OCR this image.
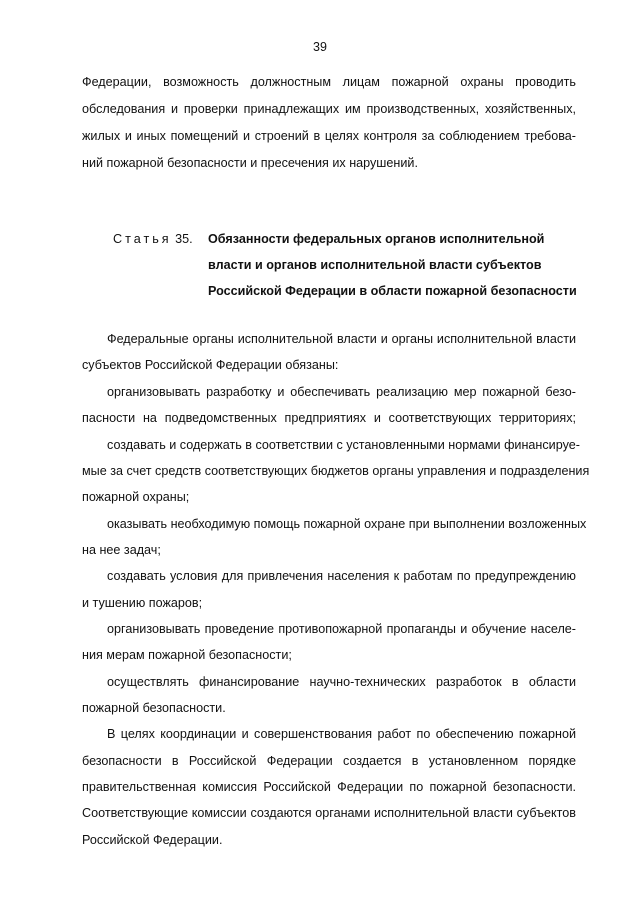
39
Федерации, возможность должностным лицам пожарной охраны проводить
обследования и проверки принадлежащих им производственных, хозяйственных,
жилых и иных помещений и строений в целях контроля за соблюдением требова-
ний пожарной безопасности и пресечения их нарушений.
Статья 35. Обязанности федеральных органов исполнительной
власти и органов исполнительной власти субъектов
Российской Федерации в области пожарной безопасности
Федеральные органы исполнительной власти и органы исполнительной власти
субъектов Российской Федерации обязаны:
организовывать разработку и обеспечивать реализацию мер пожарной безо-
пасности на подведомственных предприятиях и соответствующих территориях;
создавать и содержать в соответствии с установленными нормами финансируе-
мые за счет средств соответствующих бюджетов органы управления и подразделения
пожарной охраны;
оказывать необходимую помощь пожарной охране при выполнении возложенных
на нее задач;
создавать условия для привлечения населения к работам по предупреждению
и тушению пожаров;
организовывать проведение противопожарной пропаганды и обучение населе-
ния мерам пожарной безопасности;
осуществлять финансирование научно-технических разработок в области
пожарной безопасности.
В целях координации и совершенствования работ по обеспечению пожарной
безопасности в Российской Федерации создается в установленном порядке
правительственная комиссия Российской Федерации по пожарной безопасности.
Соответствующие комиссии создаются органами исполнительной власти субъектов
Российской Федерации.
